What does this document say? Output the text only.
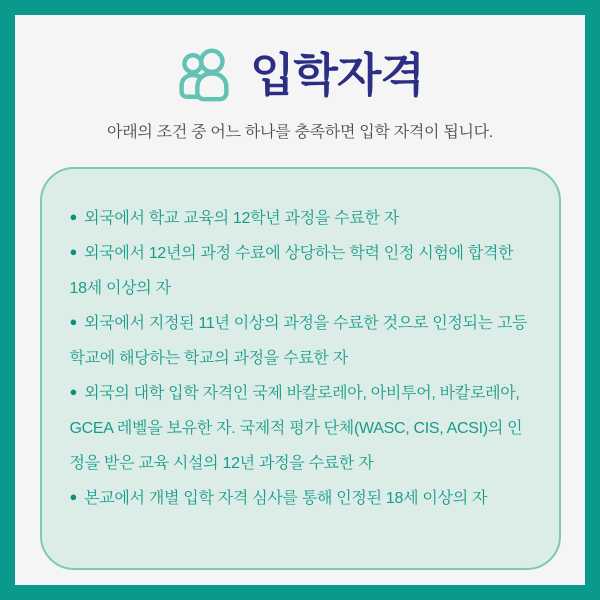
입학자격

아래의 조건 중 어느 하나를 충족하면 입학 자격이 됩니다.

● 외국에서 학교 교육의 12학년 과정을 수료한 자

● 외국에서 12년의 과정 수료에 상당하는 학력 인정 시험에 합격한 18세 이상의 자

● 외국에서 지정된 11년 이상의 과정을 수료한 것으로 인정되는 고등학교에 해당하는 학교의 과정을 수료한 자

● 외국의 대학 입학 자격인 국제 바칼로레아, 아비투어, 바칼로레아, GCEA 레벨을 보유한 자. 국제적 평가 단체(WASC, CIS, ACSI)의 인정을 받은 교육 시설의 12년 과정을 수료한 자

● 본교에서 개별 입학 자격 심사를 통해 인정된 18세 이상의 자
